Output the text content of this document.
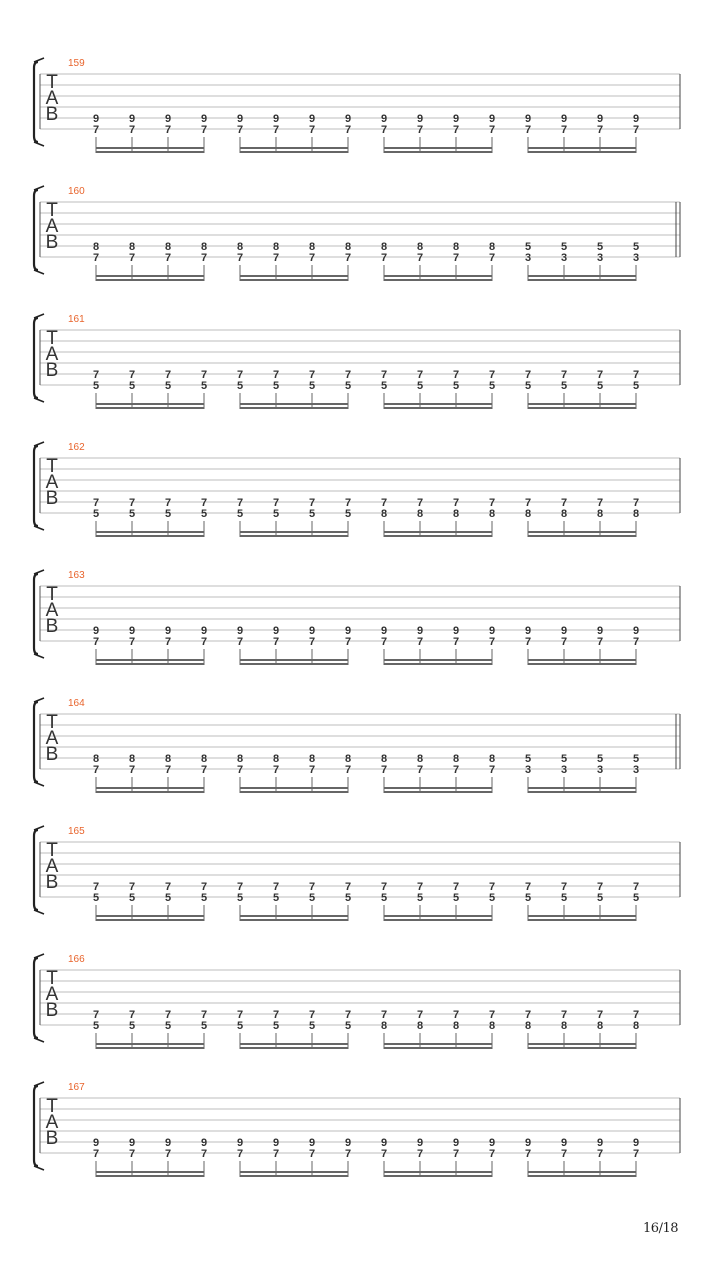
159
T
A
B	9
7
9
7
9
7
9
7
9
7
9
7
9
7
9
7
9
7
9
7
9
7
9
7
9
7
9
7
9
7
9
7
160
T
A
B	8
7
8
7
8
7
8
7
8
7
8
7
8
7
8
7
8
7
8
7
8
7
8
7
5
3
5
3
5
3
5
3
161
T
A
B	7
5
7
5
7
5
7
5
7
5
7
5
7
5
7
5
7
5
7
5
7
5
7
5
7
5
7
5
7
5
7
5
162
T
A
B	7
5
7
5
7
5
7
5
7
5
7
5
7
5
7
5
7
8
7
8
7
8
7
8
7
8
7
8
7
8
7
8
163
T
A
B	9
7
9
7
9
7
9
7
9
7
9
7
9
7
9
7
9
7
9
7
9
7
9
7
9
7
9
7
9
7
9
7
164
T
A
B	8
7
8
7
8
7
8
7
8
7
8
7
8
7
8
7
8
7
8
7
8
7
8
7
5
3
5
3
5
3
5
3
165
T
A
B	7
5
7
5
7
5
7
5
7
5
7
5
7
5
7
5
7
5
7
5
7
5
7
5
7
5
7
5
7
5
7
5
166
T
A
B	7
5
7
5
7
5
7
5
7
5
7
5
7
5
7
5
7
8
7
8
7
8
7
8
7
8
7
8
7
8
7
8
167
T
A
B	9
7
9
7
9
7
9
7
9
7
9
7
9
7
9
7
9
7
9
7
9
7
9
7
9
7
9
7
9
7
9
7
16/18
